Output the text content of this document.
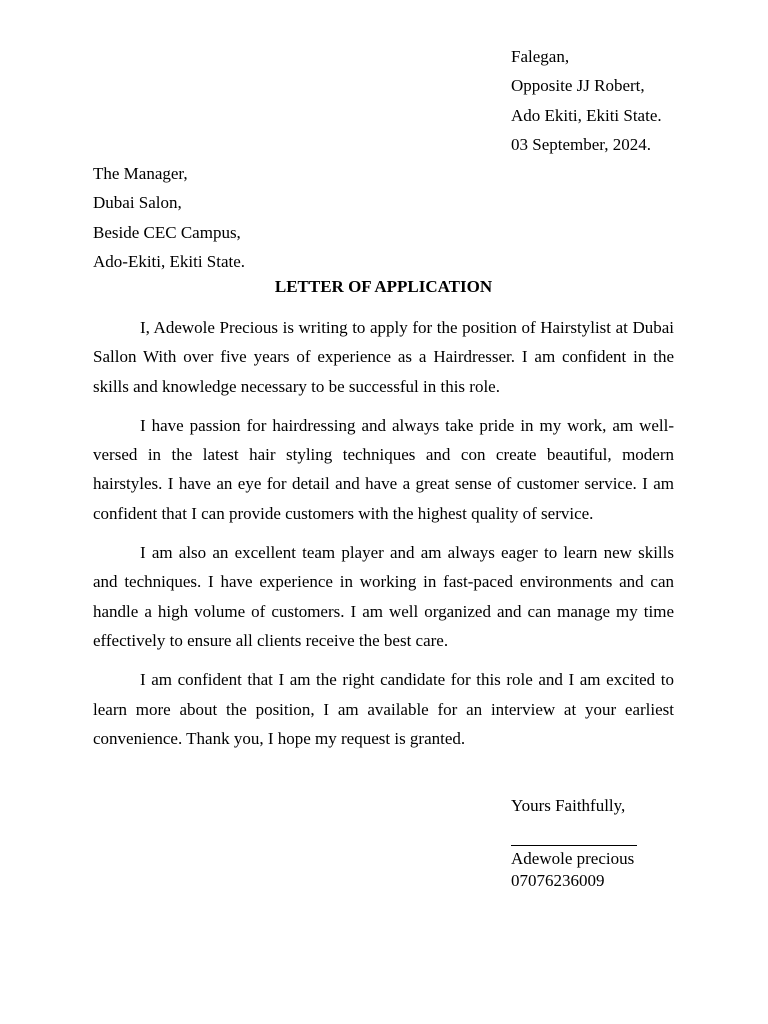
Falegan,
Opposite JJ Robert,
Ado Ekiti, Ekiti State.
03 September, 2024.
The Manager,
Dubai Salon,
Beside CEC Campus,
Ado-Ekiti, Ekiti State.
LETTER OF APPLICATION

I, Adewole Precious is writing to apply for the position of Hairstylist at Dubai Sallon With over five years of experience as a Hairdresser. I am confident in the skills and knowledge necessary to be successful in this role.

I have passion for hairdressing and always take pride in my work, am well-versed in the latest hair styling techniques and con create beautiful, modern hairstyles. I have an eye for detail and have a great sense of customer service. I am confident that I can provide customers with the highest quality of service.

I am also an excellent team player and am always eager to learn new skills and techniques. I have experience in working in fast-paced environments and can handle a high volume of customers. I am well organized and can manage my time effectively to ensure all clients receive the best care.

I am confident that I am the right candidate for this role and I am excited to learn more about the position, I am available for an interview at your earliest convenience. Thank you, I hope my request is granted.

Yours Faithfully,
Adewole precious
07076236009
